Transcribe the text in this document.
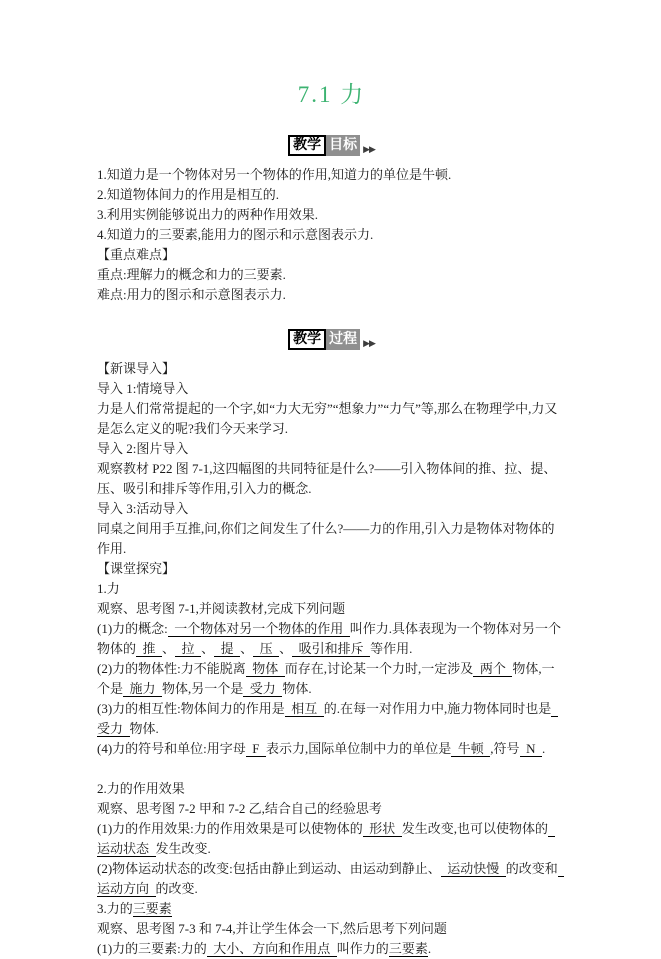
7.1 力
教学 目标 ▶▶

1.知道力是一个物体对另一个物体的作用,知道力的单位是牛顿.

2.知道物体间力的作用是相互的.

3.利用实例能够说出力的两种作用效果.

4.知道力的三要素,能用力的图示和示意图表示力.

【重点难点】

重点:理解力的概念和力的三要素.

难点:用力的图示和示意图表示力.

教学 过程 ▶▶

【新课导入】

导入 1:情境导入

力是人们常常提起的一个字,如“力大无穷”“想象力”“力气”等,那么在物理学中,力又是怎么定义的呢?我们今天来学习.

导入 2:图片导入

观察教材 P22 图 7-1,这四幅图的共同特征是什么?——引入物体间的推、拉、提、压、吸引和排斥等作用,引入力的概念.

导入 3:活动导入

同桌之间用手互推,问,你们之间发生了什么?——力的作用,引入力是物体对物体的作用.

【课堂探究】

1.力

观察、思考图 7-1,并阅读教材,完成下列问题

(1)力的概念:  一个物体对另一个物体的作用  叫作力.具体表现为一个物体对另一个物体的  推  、  拉  、  提  、  压  、  吸引和排斥  等作用.

(2)力的物体性:力不能脱离  物体  而存在,讨论某一个力时,一定涉及  两个  物体,一个是  施力  物体,另一个是  受力  物体.

(3)力的相互性:物体间力的作用是  相互  的.在每一对作用力中,施力物体同时也是  受力  物体.

(4)力的符号和单位:用字母  F  表示力,国际单位制中力的单位是  牛顿  ,符号  N  .

2.力的作用效果

观察、思考图 7-2 甲和 7-2 乙,结合自己的经验思考

(1)力的作用效果:力的作用效果是可以使物体的  形状  发生改变,也可以使物体的  运动状态  发生改变.

(2)物体运动状态的改变:包括由静止到运动、由运动到静止、  运动快慢  的改变和  运动方向  的改变.

3.力的三要素

观察、思考图 7-3 和 7-4,并让学生体会一下,然后思考下列问题

(1)力的三要素:力的  大小、方向和作用点  叫作力的三要素.
